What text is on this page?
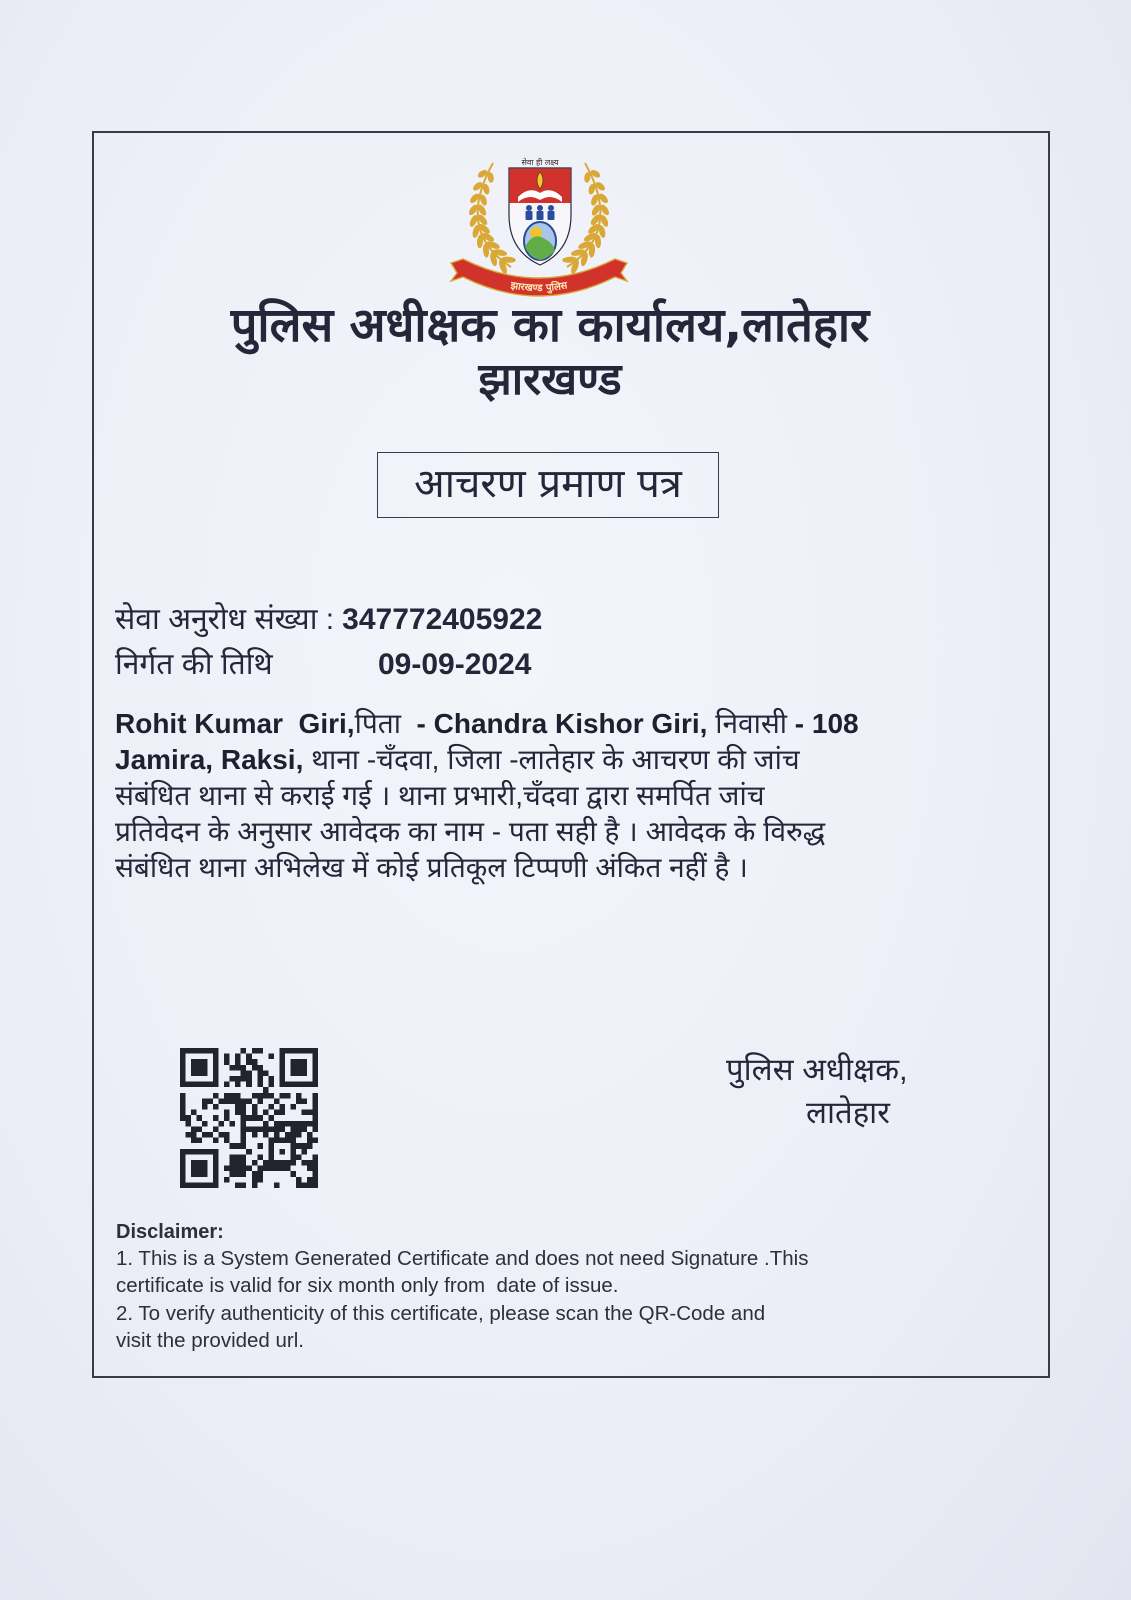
सेवा ही लक्ष्य
झारखण्ड पुलिस
पुलिस अधीक्षक का कार्यालय,लातेहार
झारखण्ड
आचरण प्रमाण पत्र
सेवा अनुरोध संख्या : 347772405922
निर्गत की तिथि	09-09-2024
Rohit Kumar  Giri,पिता  - Chandra Kishor Giri, निवासी - 108
Jamira, Raksi, थाना -चँदवा, जिला -लातेहार के आचरण की जांच
संबंधित थाना से कराई गई । थाना प्रभारी,चँदवा द्वारा समर्पित जांच
प्रतिवेदन के अनुसार आवेदक का नाम - पता सही है । आवेदक के विरुद्ध
संबंधित थाना अभिलेख में कोई प्रतिकूल टिप्पणी अंकित नहीं है ।
पुलिस अधीक्षक,
लातेहार
Disclaimer:
1. This is a System Generated Certificate and does not need Signature .This
certificate is valid for six month only from  date of issue.
2. To verify authenticity of this certificate, please scan the QR-Code and
visit the provided url.
